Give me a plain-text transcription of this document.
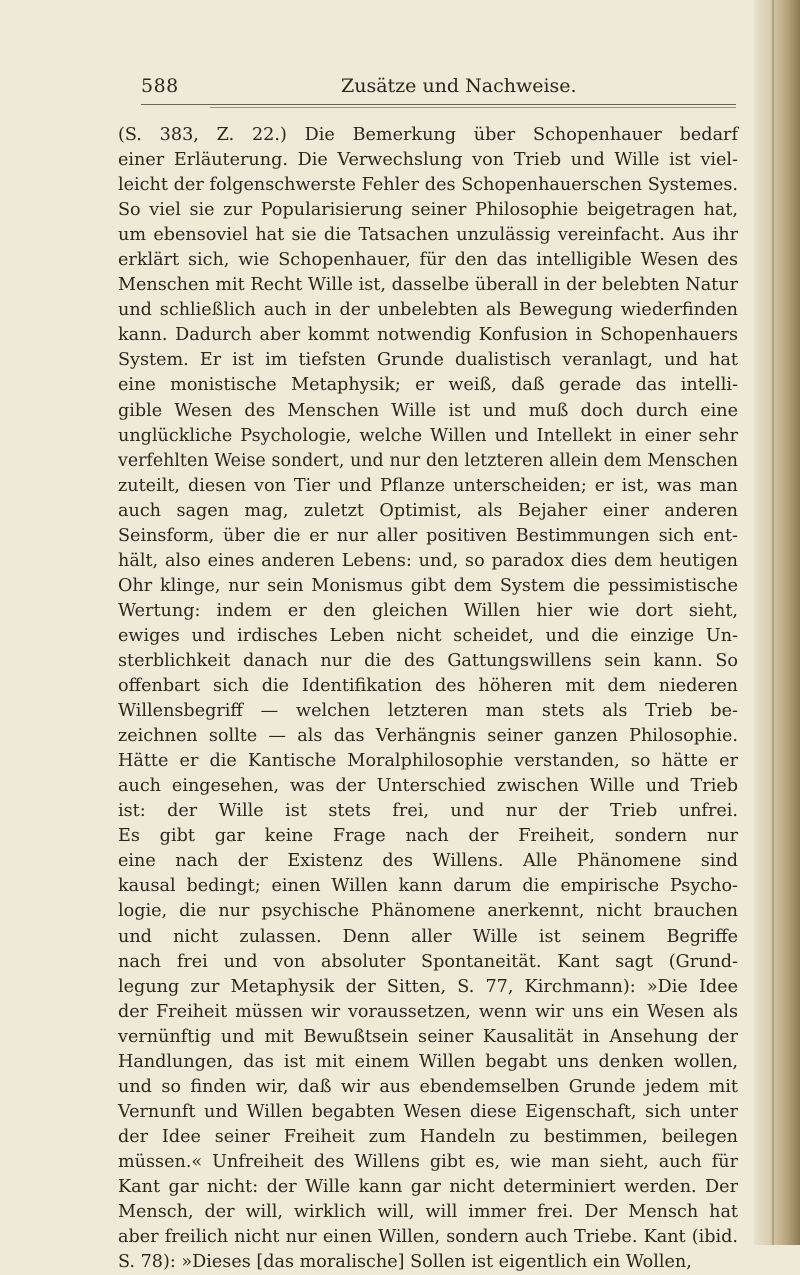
588	Zusätze und Nachweise.
(S. 383, Z. 22.) Die Bemerkung über Schopenhauer bedarf
einer Erläuterung. Die Verwechslung von Trieb und Wille ist viel-
leicht der folgenschwerste Fehler des Schopenhauerschen Systemes.
So viel sie zur Popularisierung seiner Philosophie beigetragen hat,
um ebensoviel hat sie die Tatsachen unzulässig vereinfacht. Aus ihr
erklärt sich, wie Schopenhauer, für den das intelligible Wesen des
Menschen mit Recht Wille ist, dasselbe überall in der belebten Natur
und schließlich auch in der unbelebten als Bewegung wiederfinden
kann. Dadurch aber kommt notwendig Konfusion in Schopenhauers
System. Er ist im tiefsten Grunde dualistisch veranlagt, und hat
eine monistische Metaphysik; er weiß, daß gerade das intelli-
gible Wesen des Menschen Wille ist und muß doch durch eine
unglückliche Psychologie, welche Willen und Intellekt in einer sehr
verfehlten Weise sondert, und nur den letzteren allein dem Menschen
zuteilt, diesen von Tier und Pflanze unterscheiden; er ist, was man
auch sagen mag, zuletzt Optimist, als Bejaher einer anderen
Seinsform, über die er nur aller positiven Bestimmungen sich ent-
hält, also eines anderen Lebens: und, so paradox dies dem heutigen
Ohr klinge, nur sein Monismus gibt dem System die pessimistische
Wertung: indem er den gleichen Willen hier wie dort sieht,
ewiges und irdisches Leben nicht scheidet, und die einzige Un-
sterblichkeit danach nur die des Gattungswillens sein kann. So
offenbart sich die Identifikation des höheren mit dem niederen
Willensbegriff — welchen letzteren man stets als Trieb be-
zeichnen sollte — als das Verhängnis seiner ganzen Philosophie.
Hätte er die Kantische Moralphilosophie verstanden, so hätte er
auch eingesehen, was der Unterschied zwischen Wille und Trieb
ist: der Wille ist stets frei, und nur der Trieb unfrei.
Es gibt gar keine Frage nach der Freiheit, sondern nur
eine nach der Existenz des Willens. Alle Phänomene sind
kausal bedingt; einen Willen kann darum die empirische Psycho-
logie, die nur psychische Phänomene anerkennt, nicht brauchen
und nicht zulassen. Denn aller Wille ist seinem Begriffe
nach frei und von absoluter Spontaneität. Kant sagt (Grund-
legung zur Metaphysik der Sitten, S. 77, Kirchmann): »Die Idee
der Freiheit müssen wir voraussetzen, wenn wir uns ein Wesen als
vernünftig und mit Bewußtsein seiner Kausalität in Ansehung der
Handlungen, das ist mit einem Willen begabt uns denken wollen,
und so finden wir, daß wir aus ebendemselben Grunde jedem mit
Vernunft und Willen begabten Wesen diese Eigenschaft, sich unter
der Idee seiner Freiheit zum Handeln zu bestimmen, beilegen
müssen.« Unfreiheit des Willens gibt es, wie man sieht, auch für
Kant gar nicht: der Wille kann gar nicht determiniert werden. Der
Mensch, der will, wirklich will, will immer frei. Der Mensch hat
aber freilich nicht nur einen Willen, sondern auch Triebe. Kant (ibid.
S. 78): »Dieses [das moralische] Sollen ist eigentlich ein Wollen,
